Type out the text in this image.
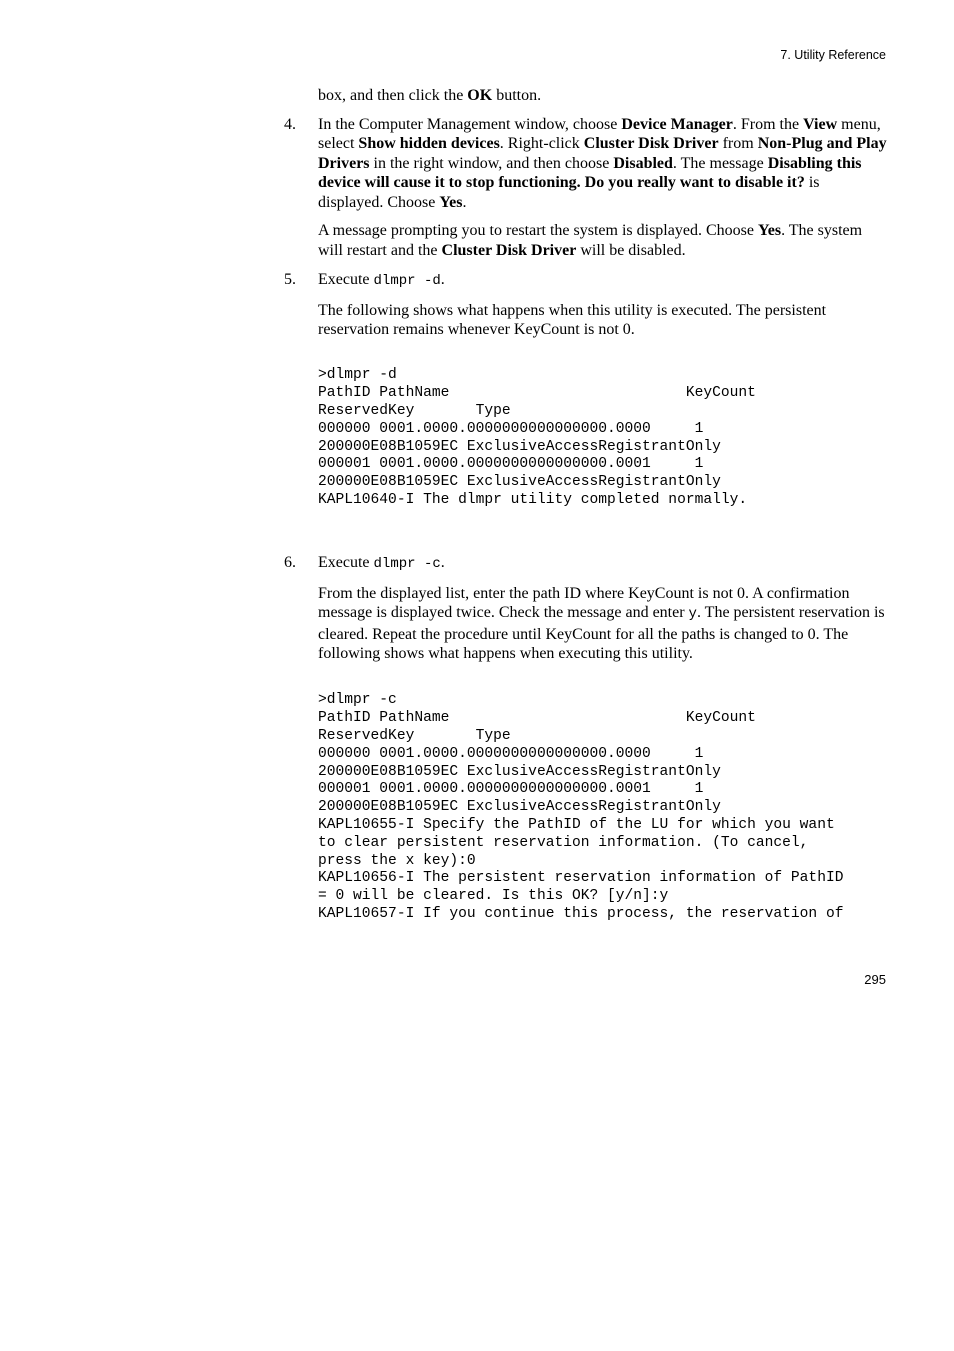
7. Utility Reference

box, and then click the OK button.

4. In the Computer Management window, choose Device Manager. From the View menu, select Show hidden devices. Right-click Cluster Disk Driver from Non-Plug and Play Drivers in the right window, and then choose Disabled. The message Disabling this device will cause it to stop functioning. Do you really want to disable it? is displayed. Choose Yes.

A message prompting you to restart the system is displayed. Choose Yes. The system will restart and the Cluster Disk Driver will be disabled.

5. Execute dlmpr -d.

The following shows what happens when this utility is executed. The persistent reservation remains whenever KeyCount is not 0.

>dlmpr -d
PathID PathName                           KeyCount
ReservedKey       Type
000000 0001.0000.0000000000000000.0000     1
200000E08B1059EC ExclusiveAccessRegistrantOnly
000001 0001.0000.0000000000000000.0001     1
200000E08B1059EC ExclusiveAccessRegistrantOnly
KAPL10640-I The dlmpr utility completed normally.
6. Execute dlmpr -c.

From the displayed list, enter the path ID where KeyCount is not 0. A confirmation message is displayed twice. Check the message and enter y. The persistent reservation is cleared. Repeat the procedure until KeyCount for all the paths is changed to 0. The following shows what happens when executing this utility.

>dlmpr -c
PathID PathName                           KeyCount
ReservedKey       Type
000000 0001.0000.0000000000000000.0000     1
200000E08B1059EC ExclusiveAccessRegistrantOnly
000001 0001.0000.0000000000000000.0001     1
200000E08B1059EC ExclusiveAccessRegistrantOnly
KAPL10655-I Specify the PathID of the LU for which you want
to clear persistent reservation information. (To cancel,
press the x key):0
KAPL10656-I The persistent reservation information of PathID
= 0 will be cleared. Is this OK? [y/n]:y
KAPL10657-I If you continue this process, the reservation of
295
